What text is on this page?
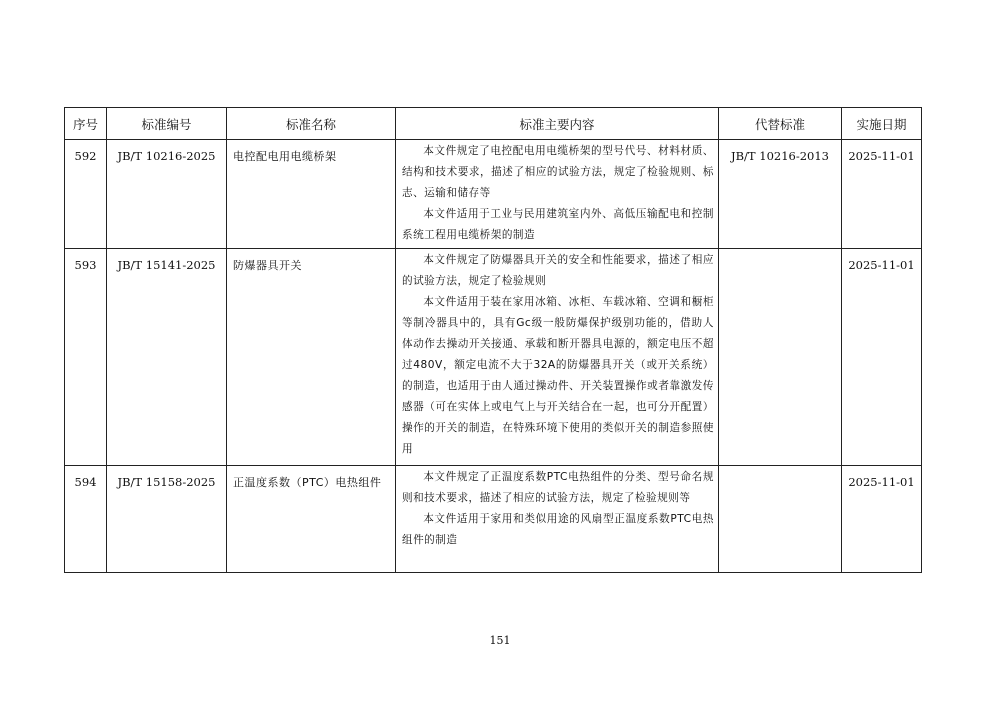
序号	标准编号	标准名称	标准主要内容	代替标准	实施日期
592	JB/T 10216-2025	电控配电用电缆桥架	本文件规定了电控配电用电缆桥架的型号代号、材料材质、结构和技术要求，描述了相应的试验方法，规定了检验规则、标志、运输和储存等

本文件适用于工业与民用建筑室内外、高低压输配电和控制系统工程用电缆桥架的制造	JB/T 10216-2013	2025-11-01
593	JB/T 15141-2025	防爆器具开关	本文件规定了防爆器具开关的安全和性能要求，描述了相应的试验方法，规定了检验规则

本文件适用于装在家用冰箱、冰柜、车载冰箱、空调和橱柜等制冷器具中的，具有Gc级一般防爆保护级别功能的，借助人体动作去操动开关接通、承载和断开器具电源的，额定电压不超过480V，额定电流不大于32A的防爆器具开关（或开关系统）的制造，也适用于由人通过操动件、开关装置操作或者靠激发传感器（可在实体上或电气上与开关结合在一起，也可分开配置）操作的开关的制造，在特殊环境下使用的类似开关的制造参照使用		2025-11-01
594	JB/T 15158-2025	正温度系数（PTC）电热组件	本文件规定了正温度系数PTC电热组件的分类、型号命名规则和技术要求，描述了相应的试验方法，规定了检验规则等

本文件适用于家用和类似用途的风扇型正温度系数PTC电热组件的制造		2025-11-01
151
